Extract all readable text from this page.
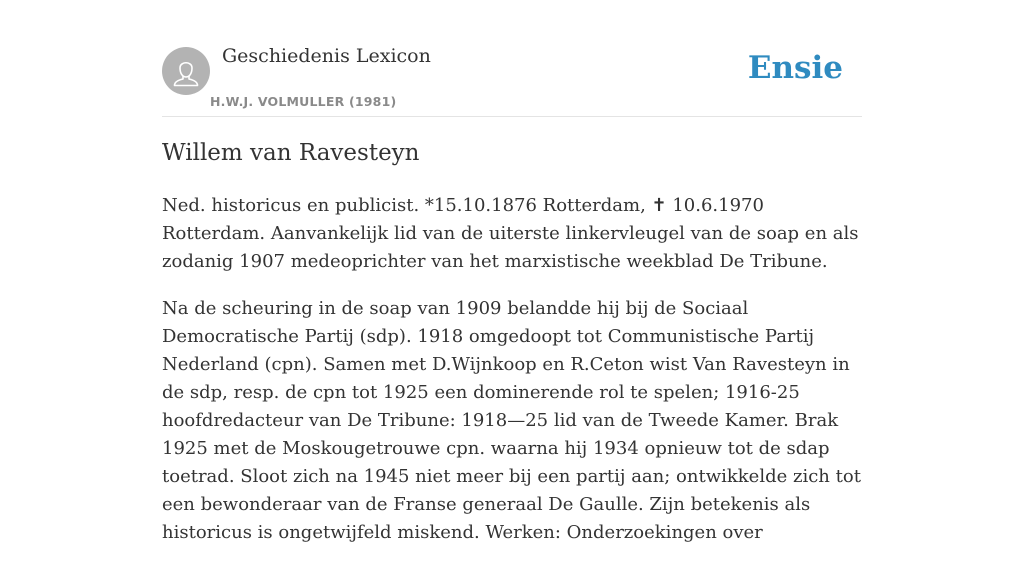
Geschiedenis Lexicon
H.W.J. VOLMULLER (1981)
Ensie
Willem van Ravesteyn

Ned. historicus en publicist. *15.10.1876 Rotterdam, ✝ 10.6.1970 Rotterdam. Aanvankelijk lid van de uiterste linkervleugel van de soap en als zodanig 1907 medeoprichter van het marxistische weekblad De Tribune.

Na de scheuring in de soap van 1909 belandde hij bij de Sociaal Democratische Partij (sdp). 1918 omgedoopt tot Communistische Partij Nederland (cpn). Samen met D.Wijnkoop en R.Ceton wist Van Ravesteyn in de sdp, resp. de cpn tot 1925 een dominerende rol te spelen; 1916-25 hoofdredacteur van De Tribune: 1918—25 lid van de Tweede Kamer. Brak 1925 met de Moskougetrouwe cpn. waarna hij 1934 opnieuw tot de sdap toetrad. Sloot zich na 1945 niet meer bij een partij aan; ontwikkelde zich tot een bewonderaar van de Franse generaal De Gaulle. Zijn betekenis als historicus is ongetwijfeld miskend. Werken: Onderzoekingen over
